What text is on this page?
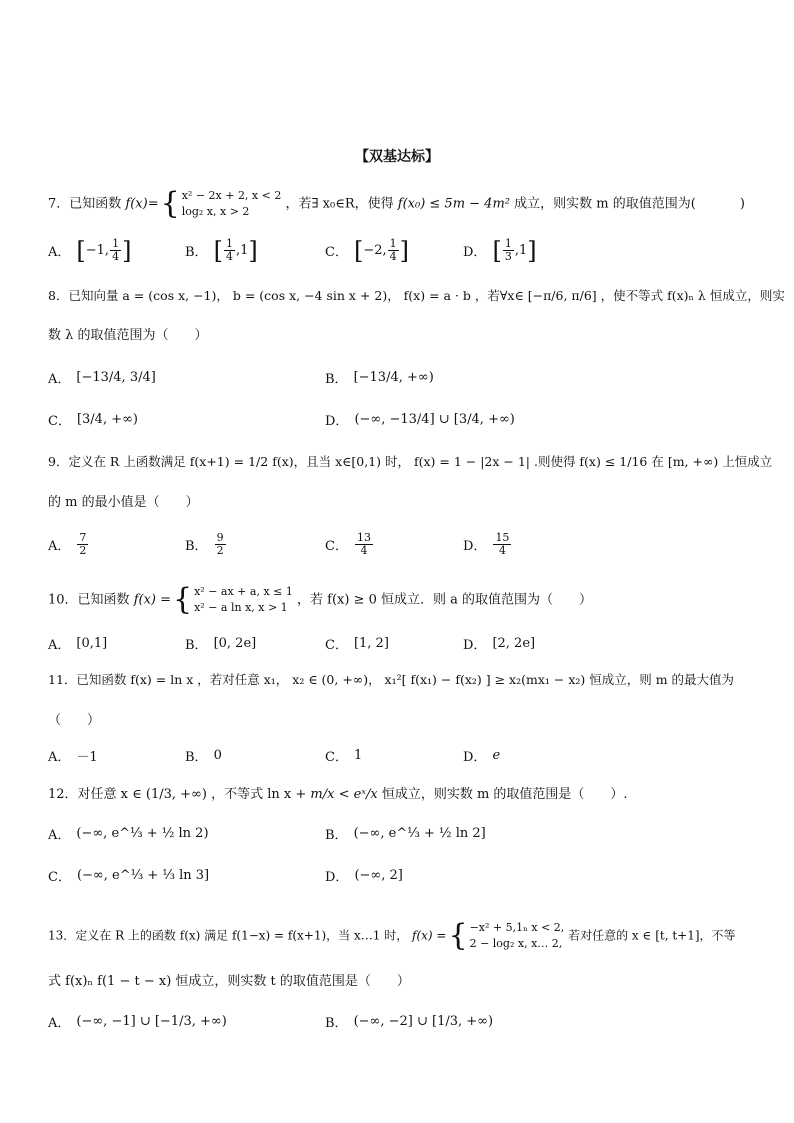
【双基达标】
7．已知函数 f(x)={ x² − 2x + 2, x < 2
log₂ x, x > 2	，若∃ x₀∈R，使得 f(x₀) ≤ 5m − 4m² 成立，则实数 m 的取值范围为(	)
A． [ −1, $\frac{1}{4}$ ]	B． [ $\frac{1}{4} ,1$ ]	C． [ −2, $\frac{1}{4}$ ]	D． [ $\frac{1}{3} ,1$ ]
8．已知向量 a = (cos x, −1)， b = (cos x, −4 sin x + 2)， f(x) = a · b ，若∀x∈ [−π/6, π/6] ，使不等式 f(x)ₙ λ 恒成立，则实
数 λ 的取值范围为（　　）
A． [−13/4, 3/4]	B． [−13/4, +∞)
C． [3/4, +∞)	D． (−∞, −13/4] ∪ [3/4, +∞)
9．定义在 R 上函数满足 f(x+1) = 1/2 f(x)，且当 x∈[0,1) 时， f(x) = 1 − |2x − 1| .则使得 f(x) ≤ 1/16 在 [m, +∞) 上恒成立
的 m 的最小值是（　　）
A． $\frac{7}{2}$	B． $\frac{9}{2}$	C． $\frac{13}{4}$	D． $\frac{15}{4}$
10．已知函数 f(x) ={ x² − ax + a, x ≤ 1
x² − a ln x, x > 1 ，若 f(x) ≥ 0 恒成立．则 a 的取值范围为（　　）
A． [0,1]	B． [0, 2e]	C． [1, 2]	D． [2, 2e]
11．已知函数 f(x) = ln x ，若对任意 x₁， x₂ ∈ (0, +∞)， x₁²[ f(x₁) − f(x₂) ] ≥ x₂(mx₁ − x₂) 恒成立，则 m 的最大值为
（　　）
A． －1	B． 0	C． 1	D． e
12．对任意 x ∈ (1/3, +∞) ，不等式 ln x + m/x < eˣ/x 恒成立，则实数 m 的取值范围是（　　）.
A． (−∞, e^⅓ + ½ ln 2)	B． (−∞, e^⅓ + ½ ln 2]
C． (−∞, e^⅓ + ⅓ ln 3]	D． (−∞, 2]
13．定义在 R 上的函数 f(x) 满足 f(1−x) = f(x+1)，当 x…1 时， f(x) ={ −x² + 5,1ₙ x < 2,
2 − log₂ x, x… 2,
若对任意的 x ∈ [t, t+1]，不等
式 f(x)ₙ f(1 − t − x) 恒成立，则实数 t 的取值范围是（　　）
A． (−∞, −1] ∪ [−1/3, +∞)	B． (−∞, −2] ∪ [1/3, +∞)
